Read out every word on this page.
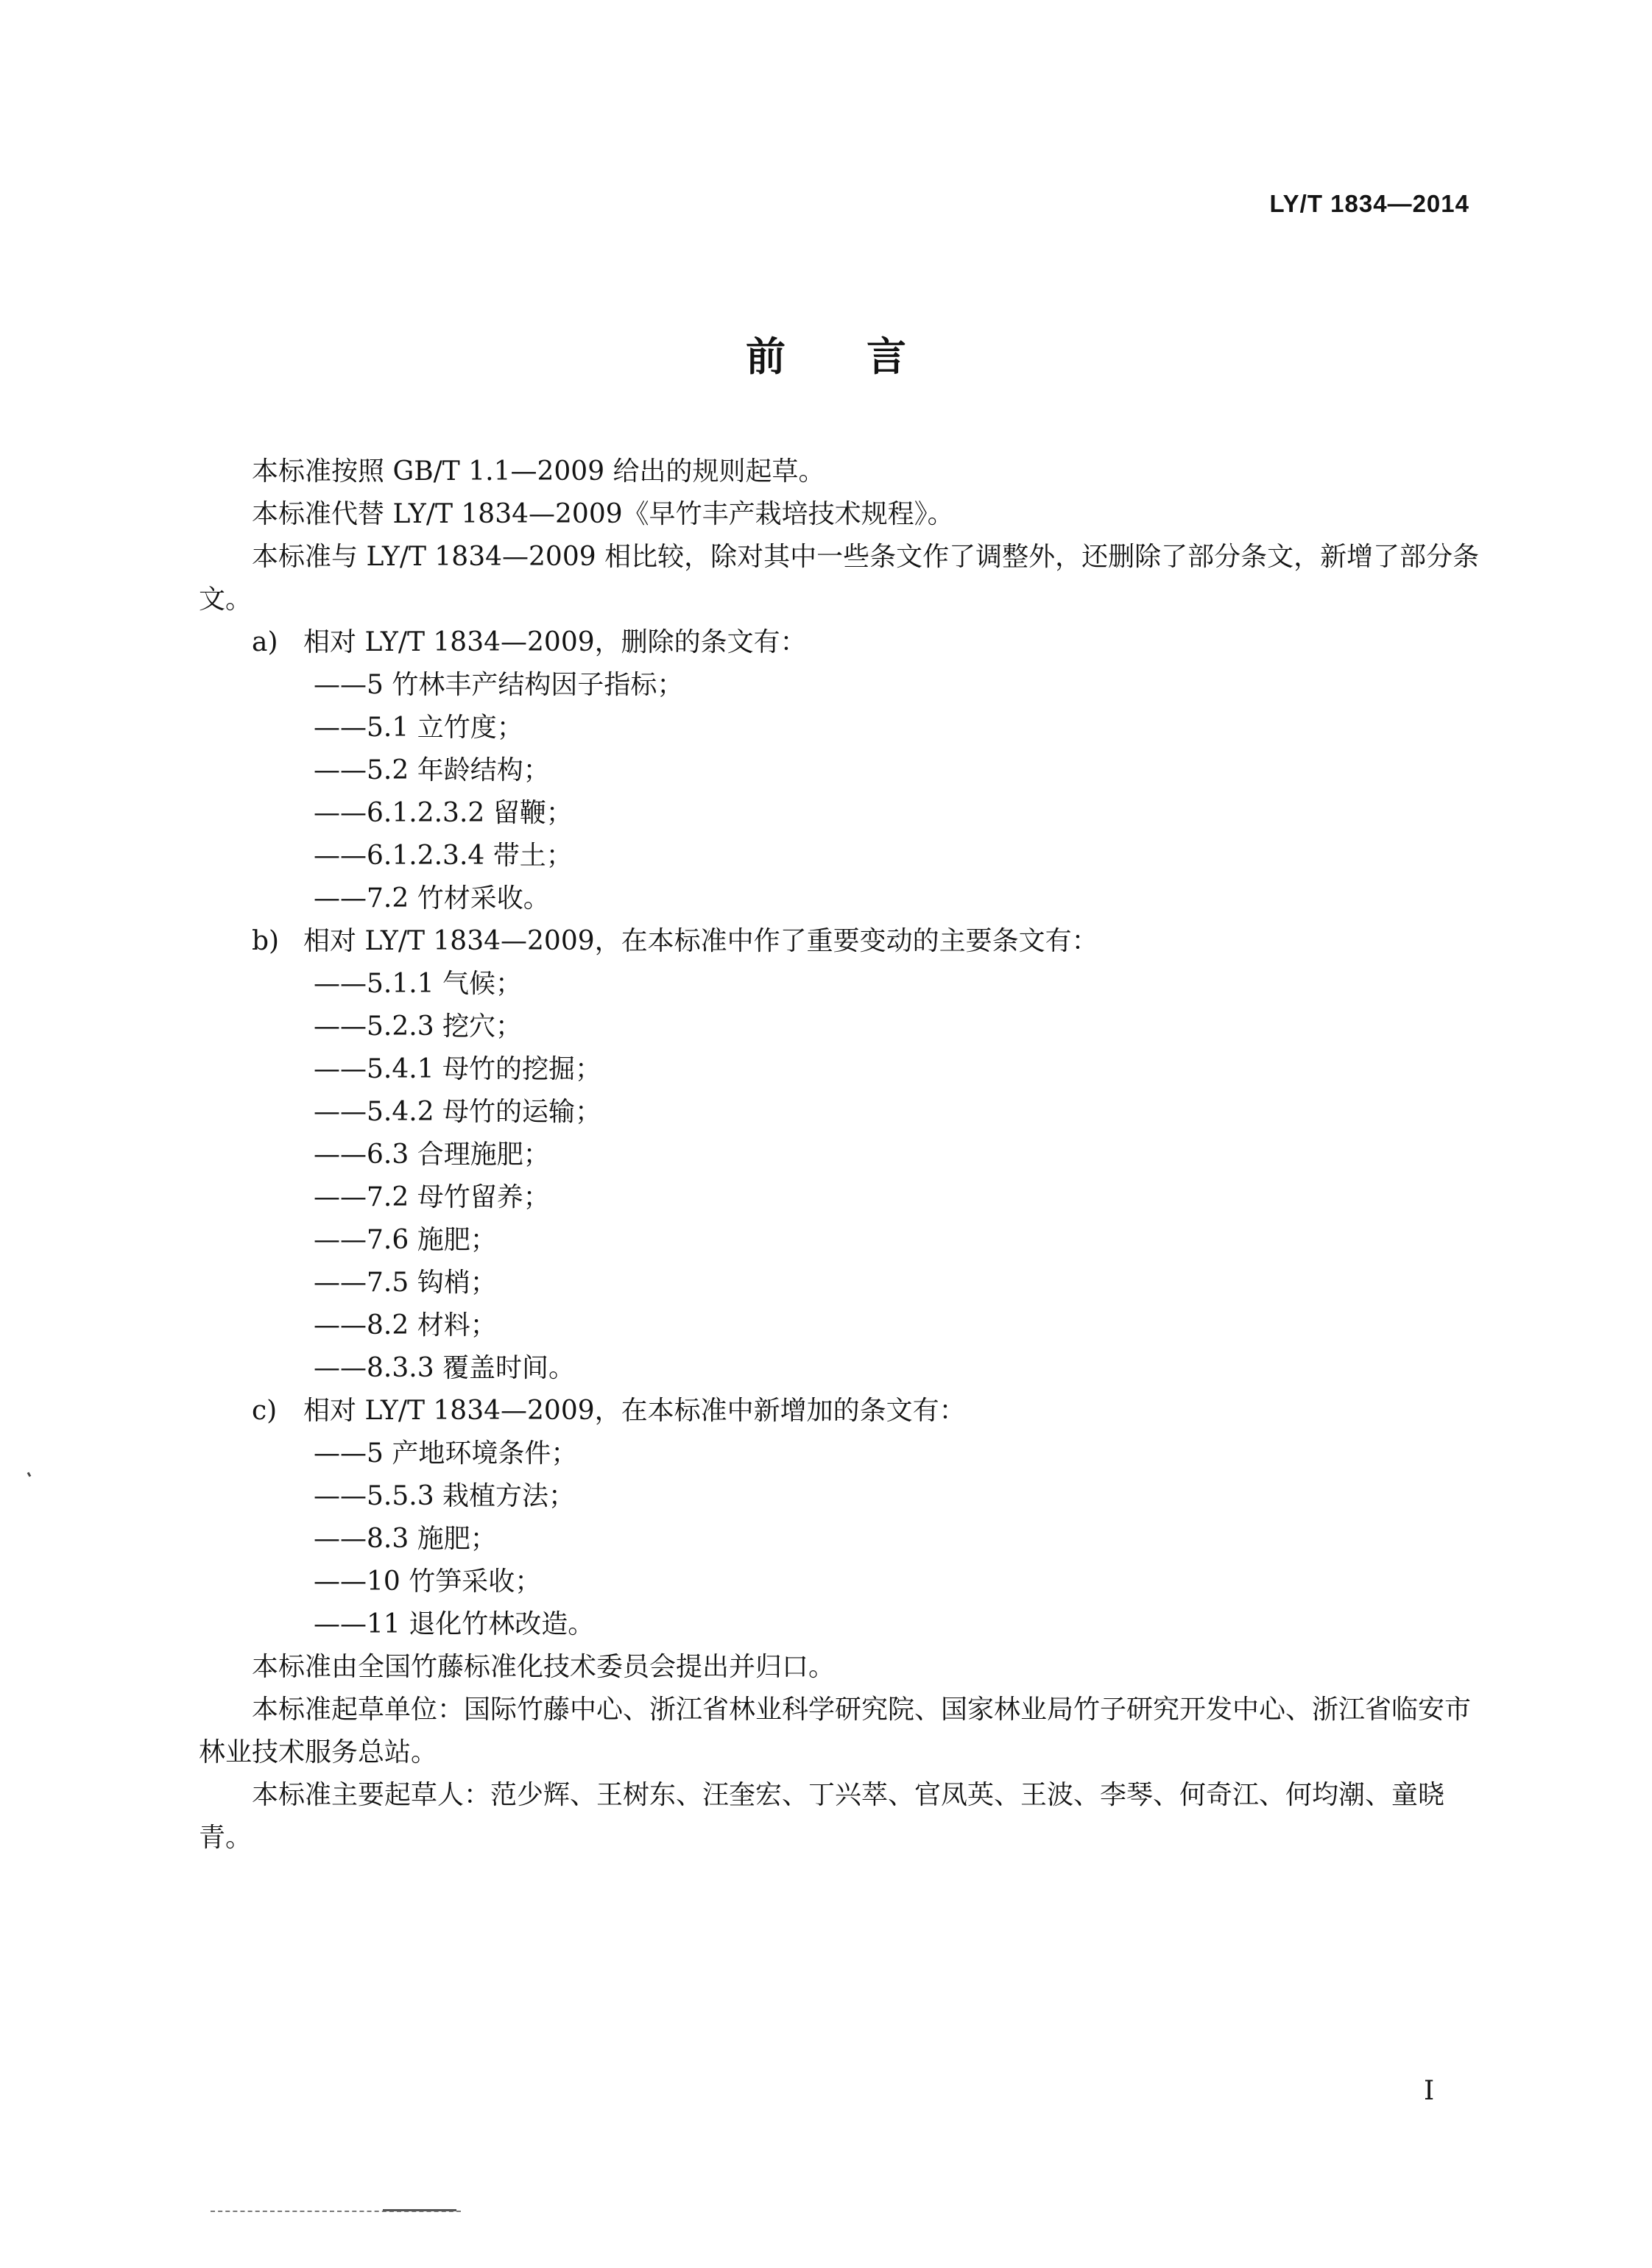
LY/T 1834—2014
前言

本标准按照 GB/T 1.1—2009 给出的规则起草。

本标准代替 LY/T 1834—2009《早竹丰产栽培技术规程》。

本标准与 LY/T 1834—2009 相比较，除对其中一些条文作了调整外，还删除了部分条文，新增了部分条文。

a) 相对 LY/T 1834—2009，删除的条文有：

——5 竹林丰产结构因子指标；

——5.1 立竹度；

——5.2 年龄结构；

——6.1.2.3.2 留鞭；

——6.1.2.3.4 带土；

——7.2 竹材采收。

b) 相对 LY/T 1834—2009，在本标准中作了重要变动的主要条文有：

——5.1.1 气候；

——5.2.3 挖穴；

——5.4.1 母竹的挖掘；

——5.4.2 母竹的运输；

——6.3 合理施肥；

——7.2 母竹留养；

——7.6 施肥；

——7.5 钩梢；

——8.2 材料；

——8.3.3 覆盖时间。

c) 相对 LY/T 1834—2009，在本标准中新增加的条文有：

——5 产地环境条件；

——5.5.3 栽植方法；

——8.3 施肥；

——10 竹笋采收；

——11 退化竹林改造。

本标准由全国竹藤标准化技术委员会提出并归口。

本标准起草单位：国际竹藤中心、浙江省林业科学研究院、国家林业局竹子研究开发中心、浙江省临安市林业技术服务总站。

本标准主要起草人：范少辉、王树东、汪奎宏、丁兴萃、官凤英、王波、李琴、何奇江、何均潮、童晓青。

I
